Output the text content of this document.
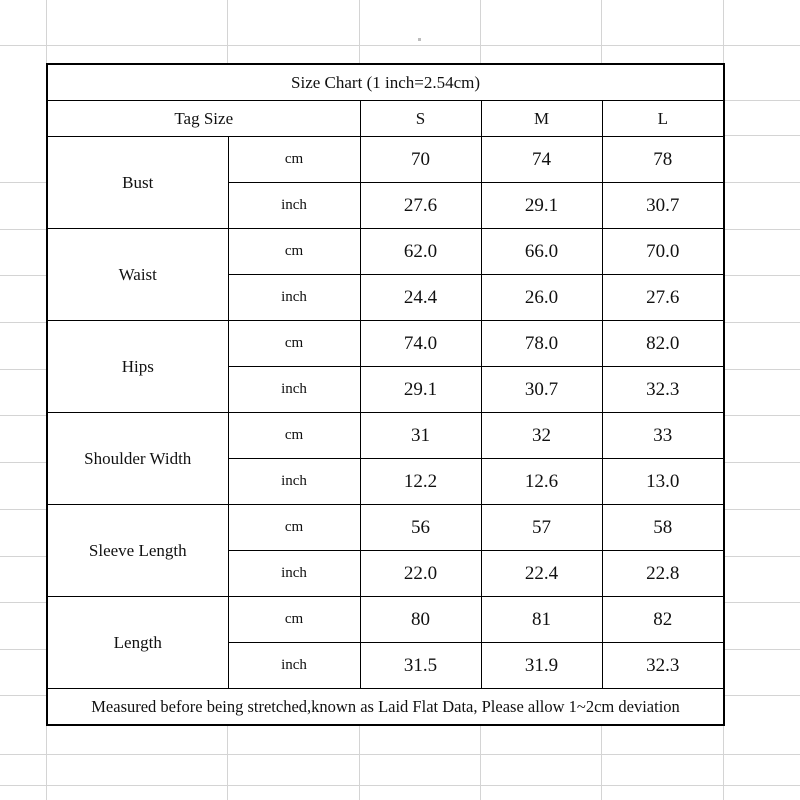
Size Chart (1 inch=2.54cm)				
Tag Size		S	M	L
Bust	cm	70	74	78
	inch	27.6	29.1	30.7
Waist	cm	62.0	66.0	70.0
	inch	24.4	26.0	27.6
Hips	cm	74.0	78.0	82.0
	inch	29.1	30.7	32.3
Shoulder Width	cm	31	32	33
	inch	12.2	12.6	13.0
Sleeve Length	cm	56	57	58
	inch	22.0	22.4	22.8
Length	cm	80	81	82
	inch	31.5	31.9	32.3
Measured before being stretched,known as Laid Flat Data, Please allow 1~2cm deviation				
